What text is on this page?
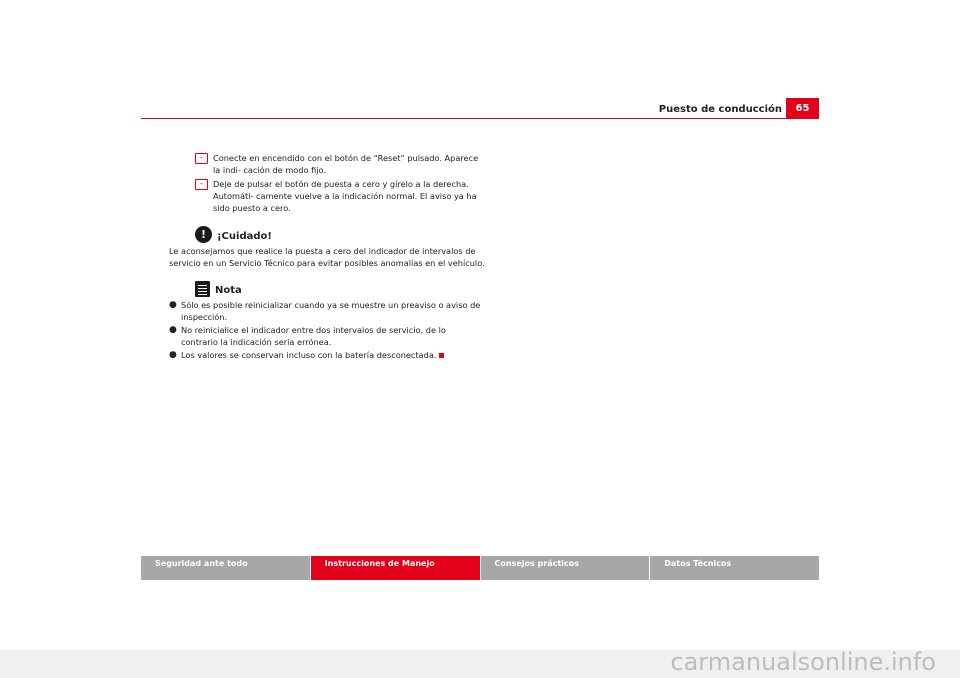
Puesto de conducción	65
-	Conecte en encendido con el botón de “Reset” pulsado. Aparece la indi- cación de modo fijo.
-	Deje de pulsar el botón de puesta a cero y gírelo a la derecha. Automáti- camente vuelve a la indicación normal. El aviso ya ha sido puesto a cero.
!	¡Cuidado!

Le aconsejamos que realice la puesta a cero del indicador de intervalos de servicio en un Servicio Técnico para evitar posibles anomalías en el vehículo.

Nota
● Sólo es posible reinicializar cuando ya se muestre un preaviso o aviso de inspección.
● No reinicialice el indicador entre dos intervalos de servicio, de lo contrario la indicación sería errónea.
● Los valores se conservan incluso con la batería desconectada.
Seguridad ante todo	Instrucciones de Manejo	Consejos prácticos	Datos Técnicos
carmanualsonline.info
